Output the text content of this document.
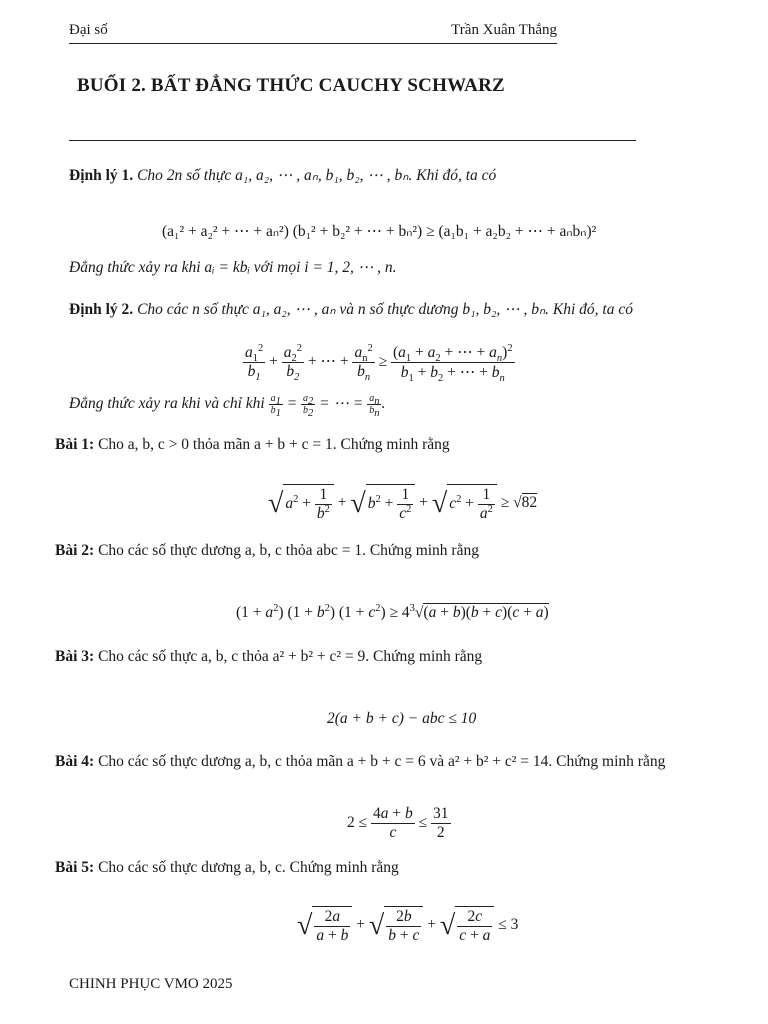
Đại số	Trần Xuân Thắng
BUỔI 2. BẤT ĐẲNG THỨC CAUCHY SCHWARZ
Định lý 1. Cho 2n số thực a₁, a₂, ⋯ , aₙ, b₁, b₂, ⋯ , bₙ. Khi đó, ta có
(a₁² + a₂² + ⋯ + aₙ²) (b₁² + b₂² + ⋯ + bₙ²) ≥ (a₁b₁ + a₂b₂ + ⋯ + aₙbₙ)²
Đẳng thức xảy ra khi aᵢ = kbᵢ với mọi i = 1, 2, ⋯ , n.
Định lý 2. Cho các n số thực a₁, a₂, ⋯ , aₙ và n số thực dương b₁, b₂, ⋯ , bₙ. Khi đó, ta có
$\frac{a_1^2}{b_1} + \frac{a_2^2}{b_2}$ + ⋯ + $\frac{a_n^2}{b_n} \ge \frac{(a_1 + a_2 + \cdots + a_n)^2}{b_1 + b_2 + \cdots + b_n}$
Đẳng thức xảy ra khi và chỉ khi $\frac{a_1}{b_1} = \frac{a_2}{b_2}$ = ⋯ = $\frac{a_n}{b_n}$ .
Bài 1: Cho a, b, c > 0 thỏa mãn a + b + c = 1. Chứng minh rằng
√ $a^2 + \frac{1}{b^2}$ + √ $b^2 + \frac{1}{c^2}$ + √ $c^2 + \frac{1}{a^2} \ge √82$
Bài 2: Cho các số thực dương a, b, c thỏa abc = 1. Chứng minh rằng
$(1 + a^2)$ $(1 + b^2)$ $(1 + c^2) \ge 4^3√(a + b)(b + c)(c + a)$
Bài 3: Cho các số thực a, b, c thỏa a² + b² + c² = 9. Chứng minh rằng
2(a + b + c) − abc ≤ 10
Bài 4: Cho các số thực dương a, b, c thỏa mãn a + b + c = 6 và a² + b² + c² = 14. Chứng minh rằng
$2 \le \frac{4a + b}{c} \le \frac{31}{2}$
Bài 5: Cho các số thực dương a, b, c. Chứng minh rằng
√ $\frac{2a}{a + b}$ + √ $\frac{2b}{b + c}$ + √ $\frac{2c}{c + a} \le 3$
CHINH PHỤC VMO 2025
